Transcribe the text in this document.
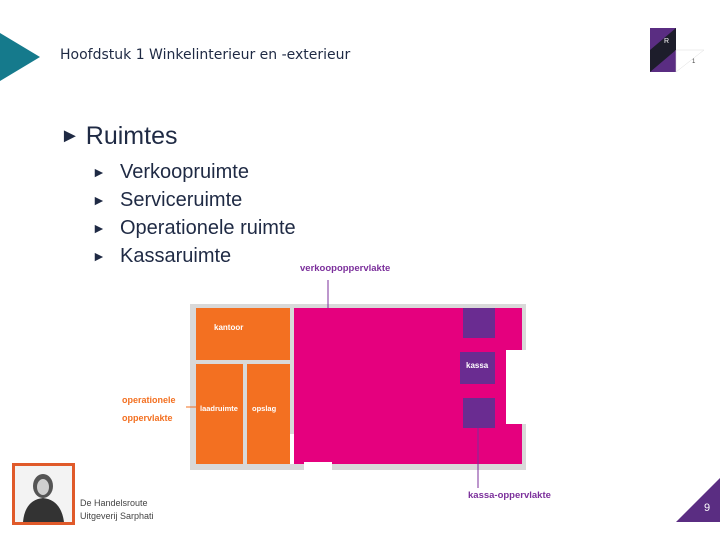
Hoofdstuk 1 Winkelinterieur en -exterieur
R
1
► Ruimtes
► Verkoopruimte
► Serviceruimte
► Operationele ruimte
► Kassaruimte
verkoopoppervlakte
kantoor
kassa
operationele
oppervlakte
laadruimte opslag
kassa-oppervlakte
De Handelsroute
Uitgeverij Sarphati
9
